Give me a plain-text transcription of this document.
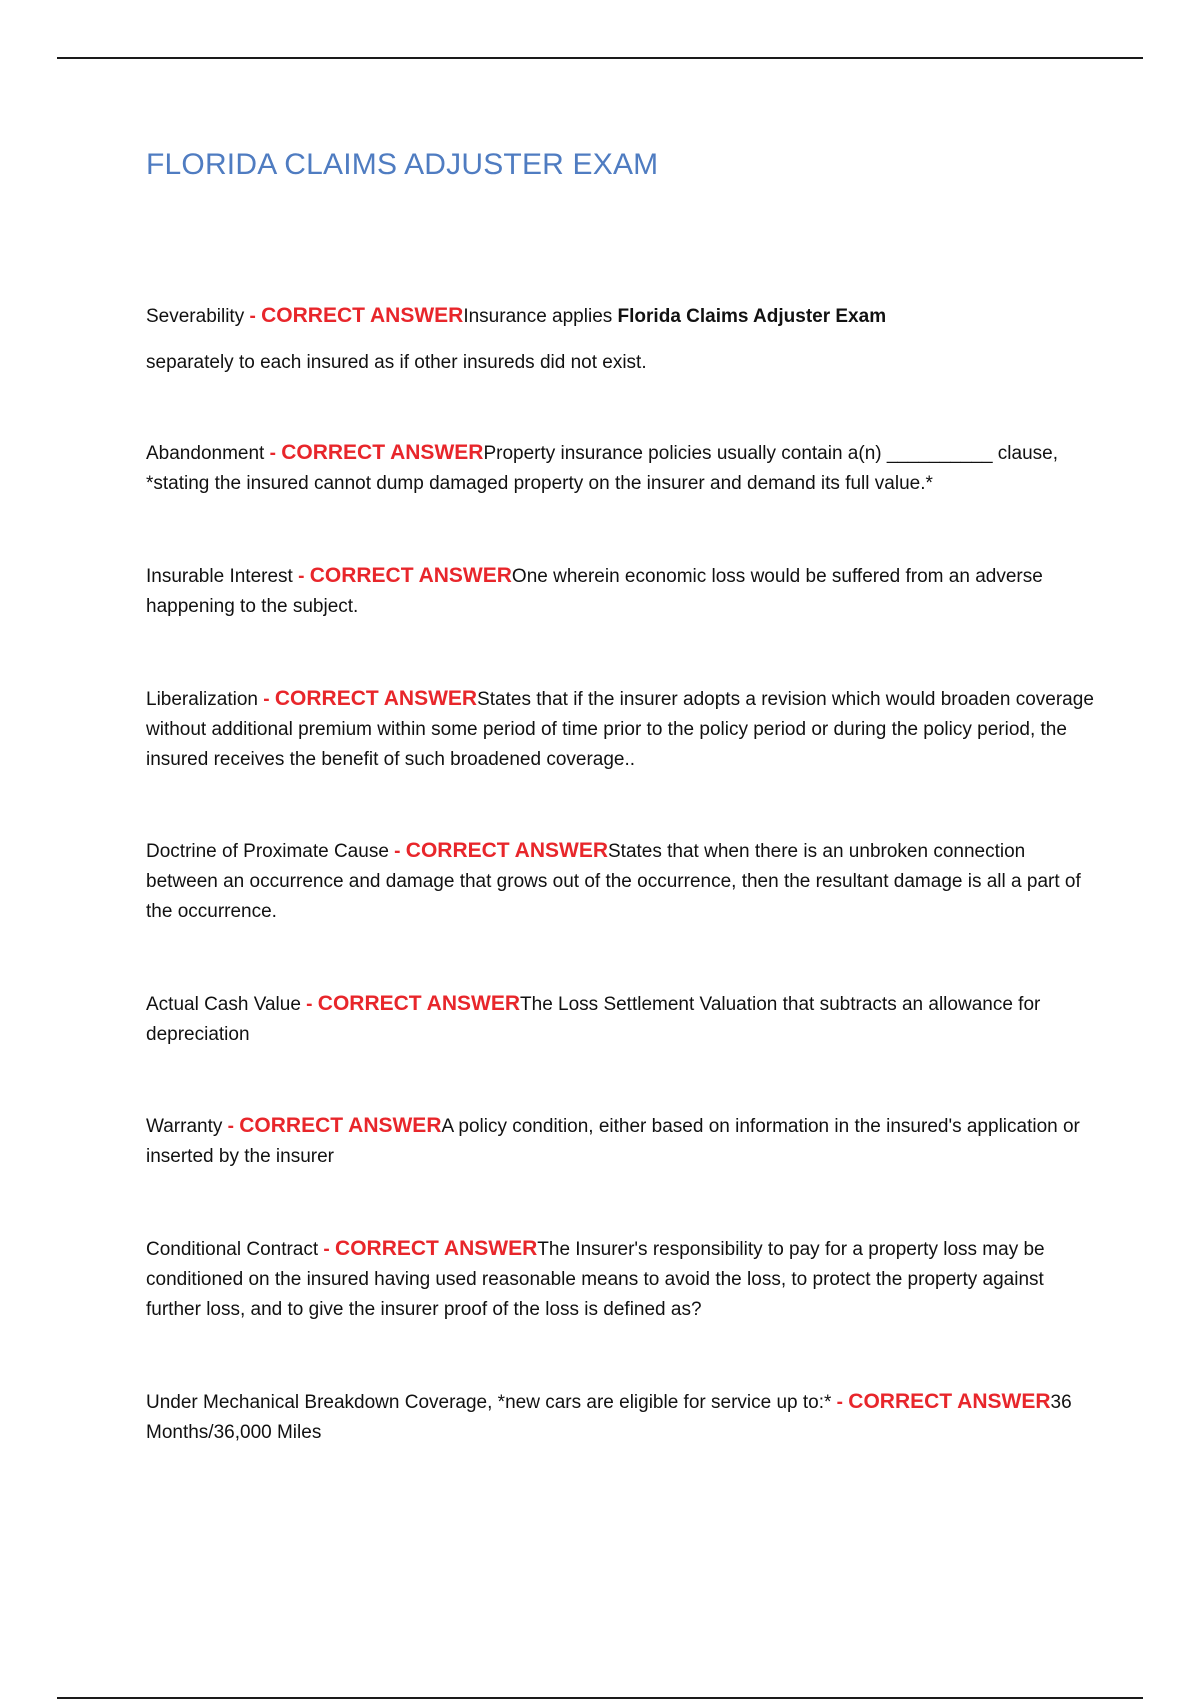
FLORIDA CLAIMS ADJUSTER EXAM

Severability - CORRECT ANSWERInsurance applies Florida Claims Adjuster Exam

separately to each insured as if other insureds did not exist.

Abandonment - CORRECT ANSWERProperty insurance policies usually contain a(n) __________ clause, *stating the insured cannot dump damaged property on the insurer and demand its full value.*

Insurable Interest - CORRECT ANSWEROne wherein economic loss would be suffered from an adverse happening to the subject.

Liberalization - CORRECT ANSWERStates that if the insurer adopts a revision which would broaden coverage without additional premium within some period of time prior to the policy period or during the policy period, the insured receives the benefit of such broadened coverage..

Doctrine of Proximate Cause - CORRECT ANSWERStates that when there is an unbroken connection between an occurrence and damage that grows out of the occurrence, then the resultant damage is all a part of the occurrence.

Actual Cash Value - CORRECT ANSWERThe Loss Settlement Valuation that subtracts an allowance for depreciation

Warranty - CORRECT ANSWERA policy condition, either based on information in the insured's application or inserted by the insurer

Conditional Contract - CORRECT ANSWERThe Insurer's responsibility to pay for a property loss may be conditioned on the insured having used reasonable means to avoid the loss, to protect the property against further loss, and to give the insurer proof of the loss is defined as?

Under Mechanical Breakdown Coverage, *new cars are eligible for service up to:* - CORRECT ANSWER36 Months/36,000 Miles
